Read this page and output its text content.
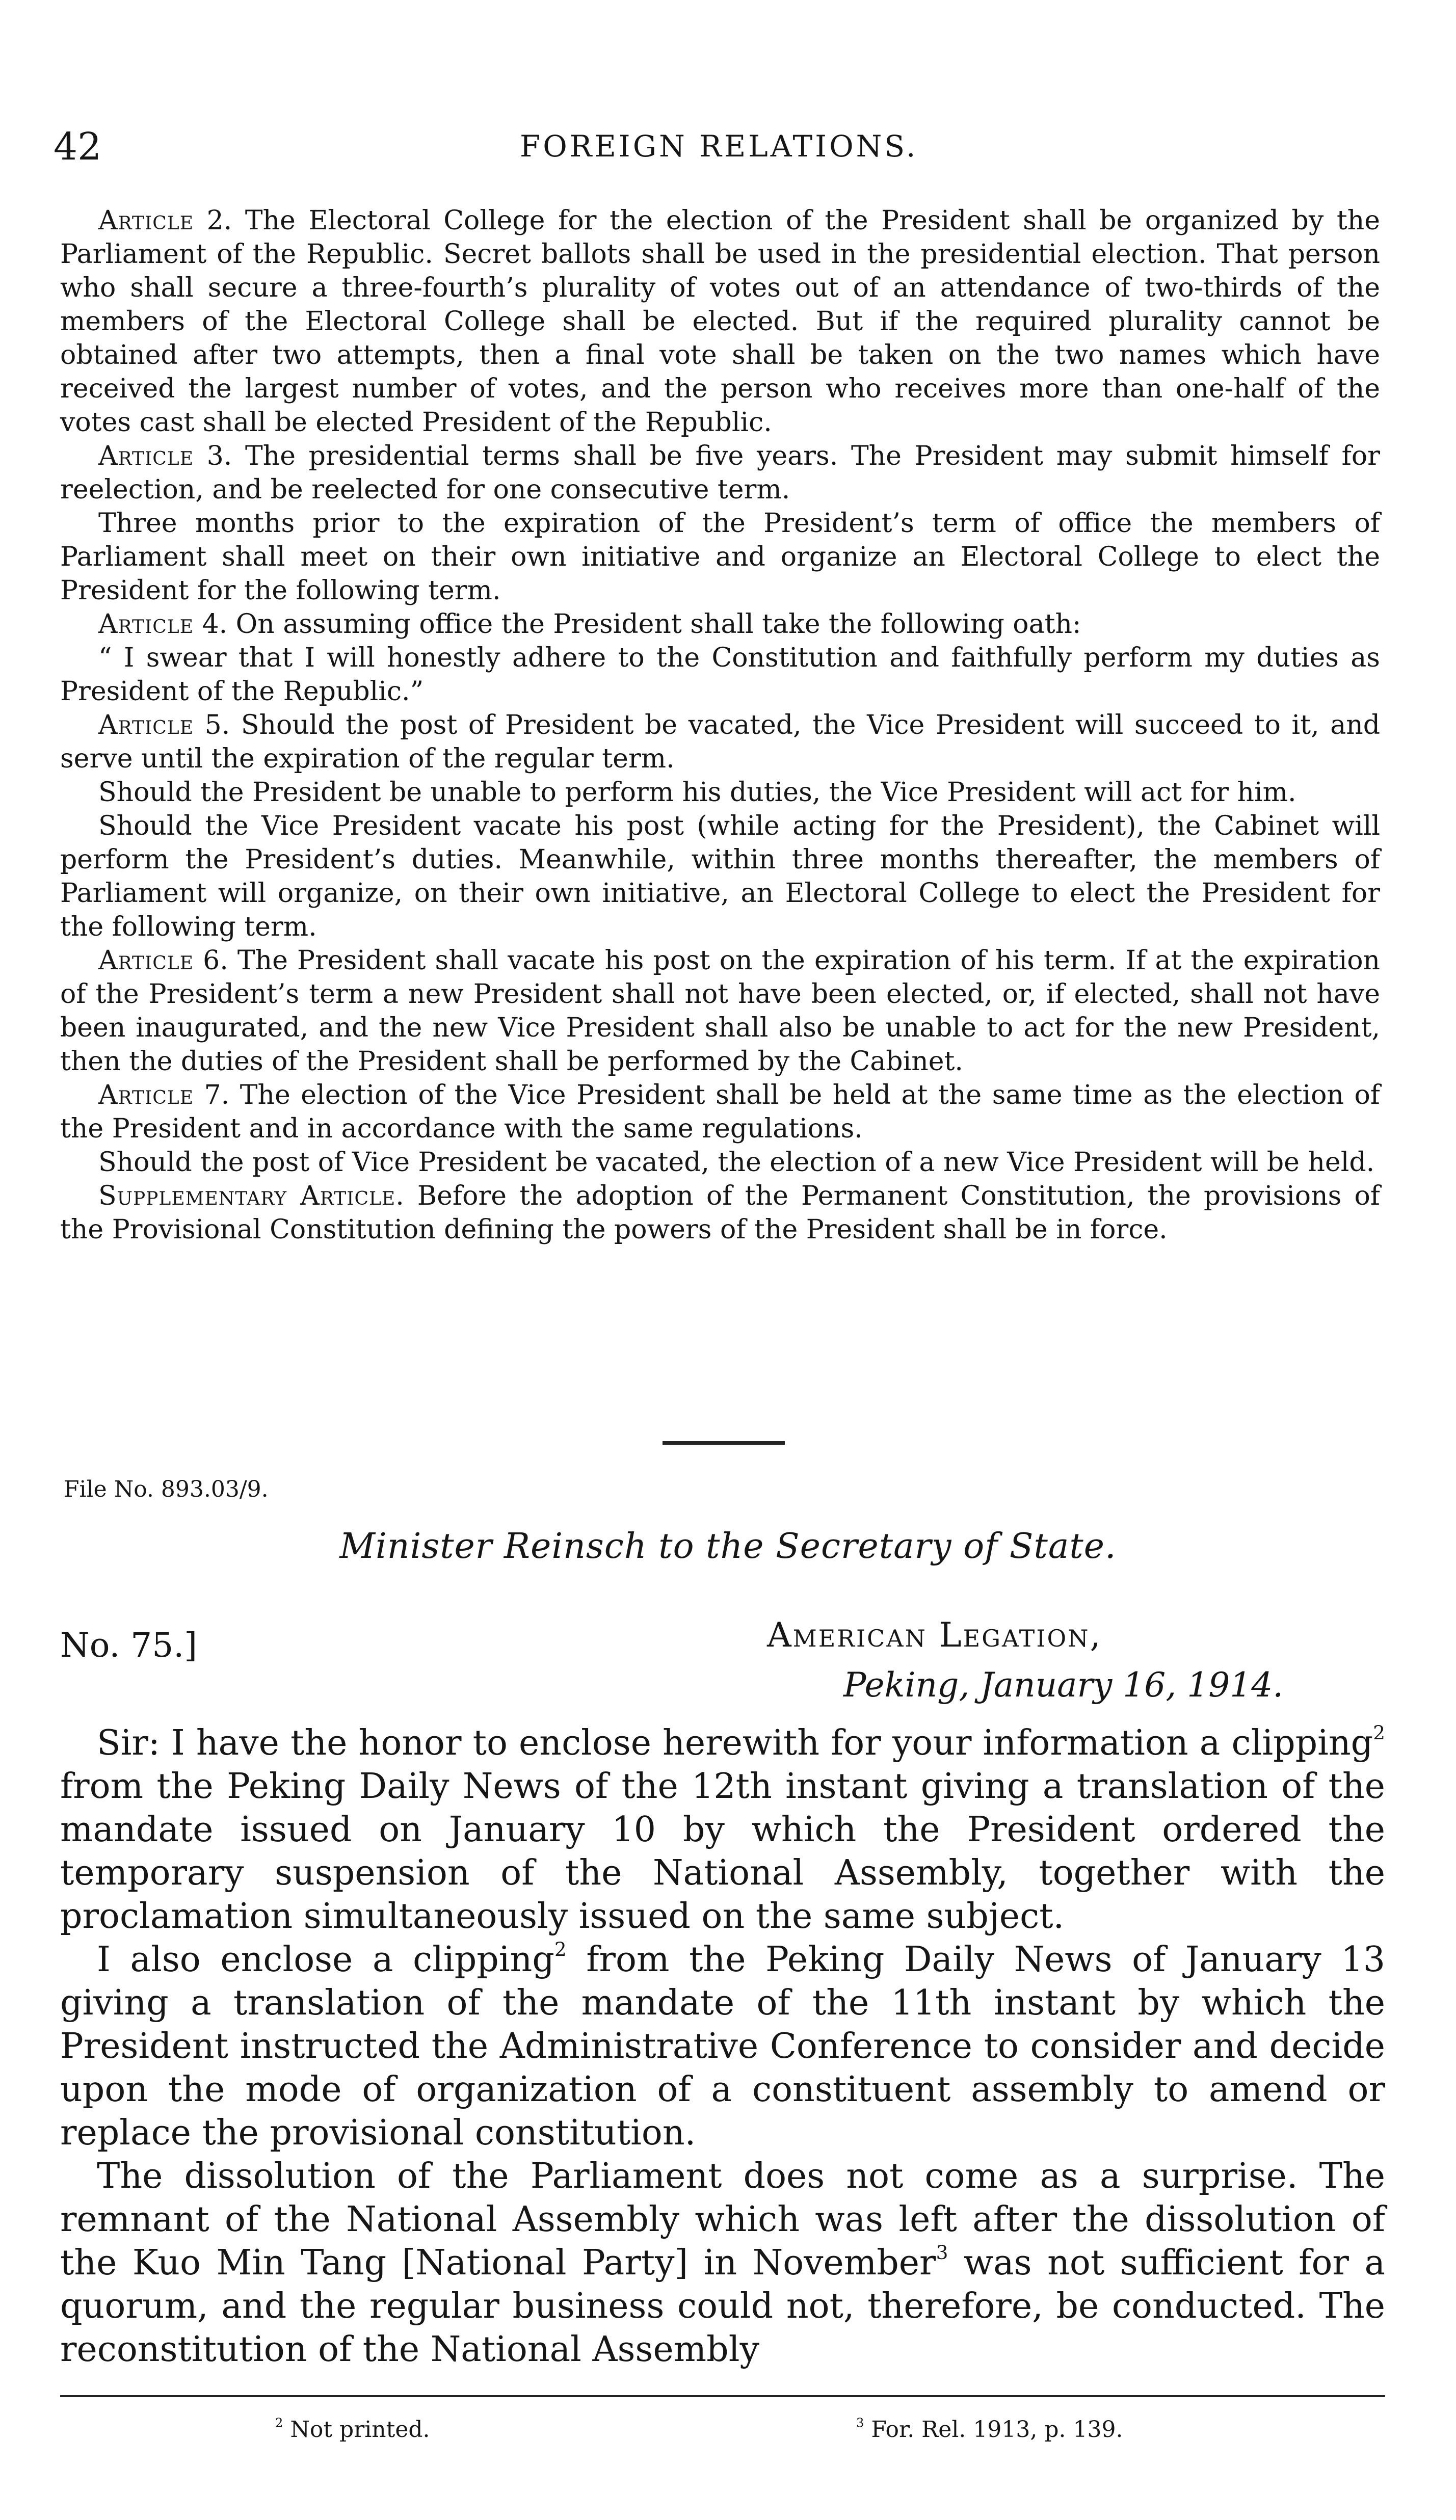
42	FOREIGN RELATIONS.

Article 2. The Electoral College for the election of the President shall be organized by the Parliament of the Republic. Secret ballots shall be used in the presidential election. That person who shall secure a three-fourth’s plurality of votes out of an attendance of two-thirds of the members of the Electoral College shall be elected. But if the required plurality cannot be obtained after two attempts, then a final vote shall be taken on the two names which have received the largest number of votes, and the person who receives more than one-half of the votes cast shall be elected President of the Republic.

Article 3. The presidential terms shall be five years. The President may submit himself for reelection, and be reelected for one consecutive term.

Three months prior to the expiration of the President’s term of office the members of Parliament shall meet on their own initiative and organize an Electoral College to elect the President for the following term.

Article 4. On assuming office the President shall take the following oath:

“ I swear that I will honestly adhere to the Constitution and faithfully perform my duties as President of the Republic.”

Article 5. Should the post of President be vacated, the Vice President will succeed to it, and serve until the expiration of the regular term.

Should the President be unable to perform his duties, the Vice President will act for him.

Should the Vice President vacate his post (while acting for the President), the Cabinet will perform the President’s duties. Meanwhile, within three months thereafter, the members of Parliament will organize, on their own initiative, an Electoral College to elect the President for the following term.

Article 6. The President shall vacate his post on the expiration of his term. If at the expiration of the President’s term a new President shall not have been elected, or, if elected, shall not have been inaugurated, and the new Vice President shall also be unable to act for the new President, then the duties of the President shall be performed by the Cabinet.

Article 7. The election of the Vice President shall be held at the same time as the election of the President and in accordance with the same regulations.

Should the post of Vice President be vacated, the election of a new Vice President will be held.

Supplementary Article. Before the adoption of the Permanent Constitution, the provisions of the Provisional Constitution defining the powers of the President shall be in force.

File No. 893.03/9.
Minister Reinsch to the Secretary of State.
No. 75.]	American Legation,
Peking, January 16, 1914.

Sir: I have the honor to enclose herewith for your information a clipping$^2$ from the Peking Daily News of the 12th instant giving a translation of the mandate issued on January 10 by which the President ordered the temporary suspension of the National Assembly, together with the proclamation simultaneously issued on the same subject.

I also enclose a clipping$^2$ from the Peking Daily News of January 13 giving a translation of the mandate of the 11th instant by which the President instructed the Administrative Conference to consider and decide upon the mode of organization of a constituent assembly to amend or replace the provisional constitution.

The dissolution of the Parliament does not come as a surprise. The remnant of the National Assembly which was left after the dissolution of the Kuo Min Tang [National Party] in November$^3$ was not sufficient for a quorum, and the regular business could not, therefore, be conducted. The reconstitution of the National Assembly

$^2$ Not printed.	$^3$ For. Rel. 1913, p. 139.
